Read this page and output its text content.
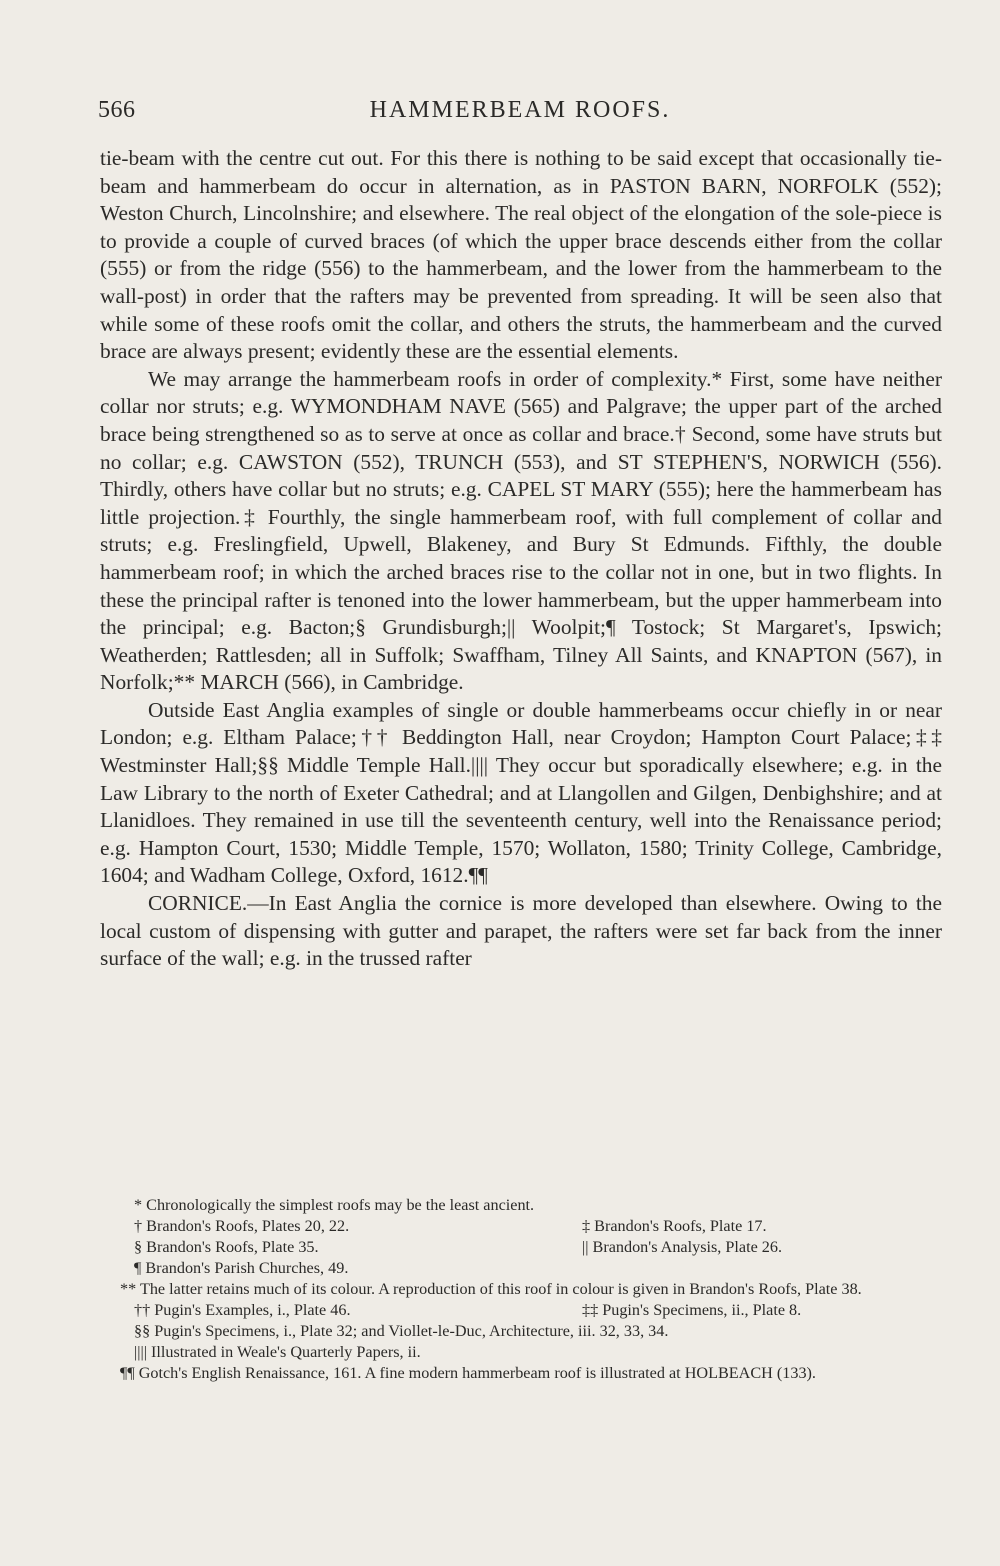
566	HAMMERBEAM ROOFS.

tie-beam with the centre cut out. For this there is nothing to be said except that occasionally tie-beam and hammerbeam do occur in alternation, as in PASTON BARN, NORFOLK (552); Weston Church, Lincolnshire; and elsewhere. The real object of the elongation of the sole-piece is to provide a couple of curved braces (of which the upper brace descends either from the collar (555) or from the ridge (556) to the hammerbeam, and the lower from the hammerbeam to the wall-post) in order that the rafters may be prevented from spreading. It will be seen also that while some of these roofs omit the collar, and others the struts, the hammerbeam and the curved brace are always present; evidently these are the essential elements.

We may arrange the hammerbeam roofs in order of complexity.* First, some have neither collar nor struts; e.g. WYMONDHAM NAVE (565) and Palgrave; the upper part of the arched brace being strengthened so as to serve at once as collar and brace.† Second, some have struts but no collar; e.g. CAWSTON (552), TRUNCH (553), and ST STEPHEN'S, NORWICH (556). Thirdly, others have collar but no struts; e.g. CAPEL ST MARY (555); here the hammerbeam has little projection.‡ Fourthly, the single hammerbeam roof, with full complement of collar and struts; e.g. Freslingfield, Upwell, Blakeney, and Bury St Edmunds. Fifthly, the double hammerbeam roof; in which the arched braces rise to the collar not in one, but in two flights. In these the principal rafter is tenoned into the lower hammerbeam, but the upper hammerbeam into the principal; e.g. Bacton;§ Grundisburgh;|| Woolpit;¶ Tostock; St Margaret's, Ipswich; Weatherden; Rattlesden; all in Suffolk; Swaffham, Tilney All Saints, and KNAPTON (567), in Norfolk;** MARCH (566), in Cambridge.

Outside East Anglia examples of single or double hammerbeams occur chiefly in or near London; e.g. Eltham Palace;†† Beddington Hall, near Croydon; Hampton Court Palace;‡‡ Westminster Hall;§§ Middle Temple Hall.|||| They occur but sporadically elsewhere; e.g. in the Law Library to the north of Exeter Cathedral; and at Llangollen and Gilgen, Denbighshire; and at Llanidloes. They remained in use till the seventeenth century, well into the Renaissance period; e.g. Hampton Court, 1530; Middle Temple, 1570; Wollaton, 1580; Trinity College, Cambridge, 1604; and Wadham College, Oxford, 1612.¶¶

CORNICE.—In East Anglia the cornice is more developed than elsewhere. Owing to the local custom of dispensing with gutter and parapet, the rafters were set far back from the inner surface of the wall; e.g. in the trussed rafter

* Chronologically the simplest roofs may be the least ancient.
† Brandon's Roofs, Plates 20, 22.	‡ Brandon's Roofs, Plate 17.
§ Brandon's Roofs, Plate 35.	|| Brandon's Analysis, Plate 26.
¶ Brandon's Parish Churches, 49.
** The latter retains much of its colour. A reproduction of this roof in colour is given in Brandon's Roofs, Plate 38.
†† Pugin's Examples, i., Plate 46.	‡‡ Pugin's Specimens, ii., Plate 8.
§§ Pugin's Specimens, i., Plate 32; and Viollet-le-Duc, Architecture, iii. 32, 33, 34.
|||| Illustrated in Weale's Quarterly Papers, ii.
¶¶ Gotch's English Renaissance, 161. A fine modern hammerbeam roof is illustrated at HOLBEACH (133).
